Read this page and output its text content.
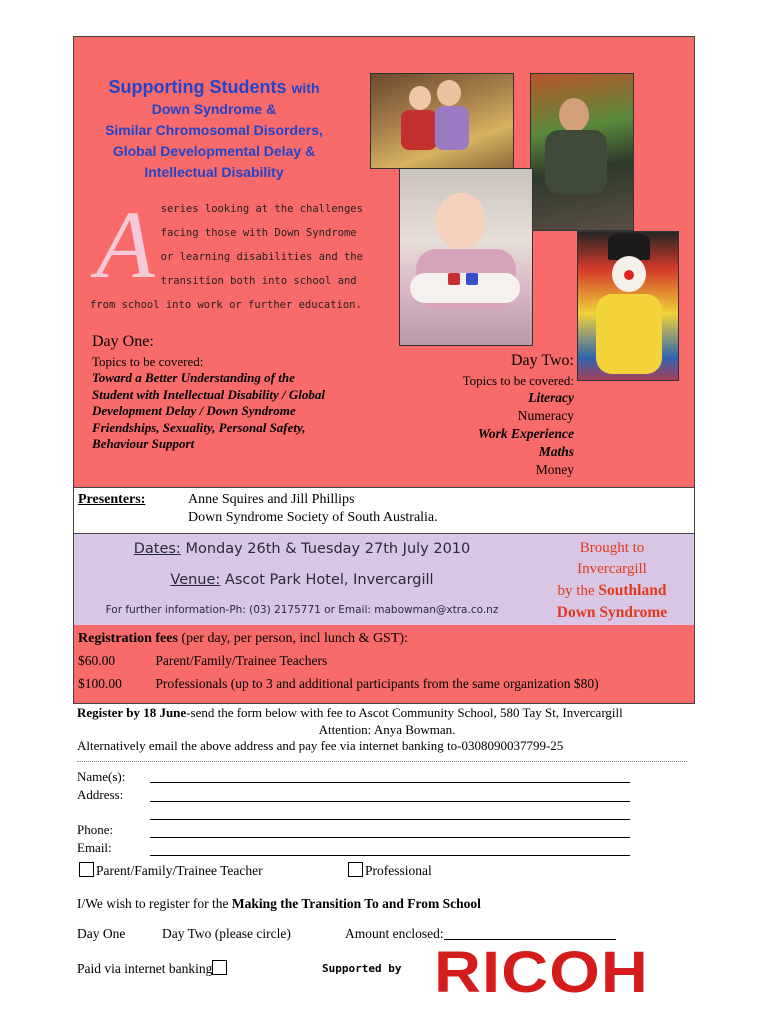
Supporting Students with
Down Syndrome &
Similar Chromosomal Disorders,
Global Developmental Delay &
Intellectual Disability
A series looking at the challenges facing those with Down Syndrome or learning disabilities and the transition both into school and from school into work or further education.
Day One:
Topics to be covered:
Toward a Better Understanding of the Student with Intellectual Disability / Global Development Delay / Down Syndrome
Friendships, Sexuality, Personal Safety, Behaviour Support
Day Two:
Topics to be covered:
Literacy
Numeracy
Work Experience
Maths
Money
Presenters:	Anne Squires and Jill Phillips
Down Syndrome Society of South Australia.
Dates: Monday 26th & Tuesday 27th July 2010
Venue: Ascot Park Hotel, Invercargill
For further information-Ph: (03) 2175771 or Email: mabowman@xtra.co.nz
Brought to
Invercargill
by the Southland
Down Syndrome
Registration fees (per day, per person, incl lunch & GST):
$60.00	Parent/Family/Trainee Teachers
$100.00 Professionals (up to 3 and additional participants from the same organization $80)
Register by 18 June-send the form below with fee to Ascot Community School, 580 Tay St, Invercargill
Attention: Anya Bowman.
Alternatively email the above address and pay fee via internet banking to-0308090037799-25
Name(s):
Address:
Phone:
Email:
Parent/Family/Trainee Teacher	Professional
I/We wish to register for the Making the Transition To and From School
Day One	Day Two (please circle)	Amount enclosed:
Paid via internet banking	Supported by RICOH
